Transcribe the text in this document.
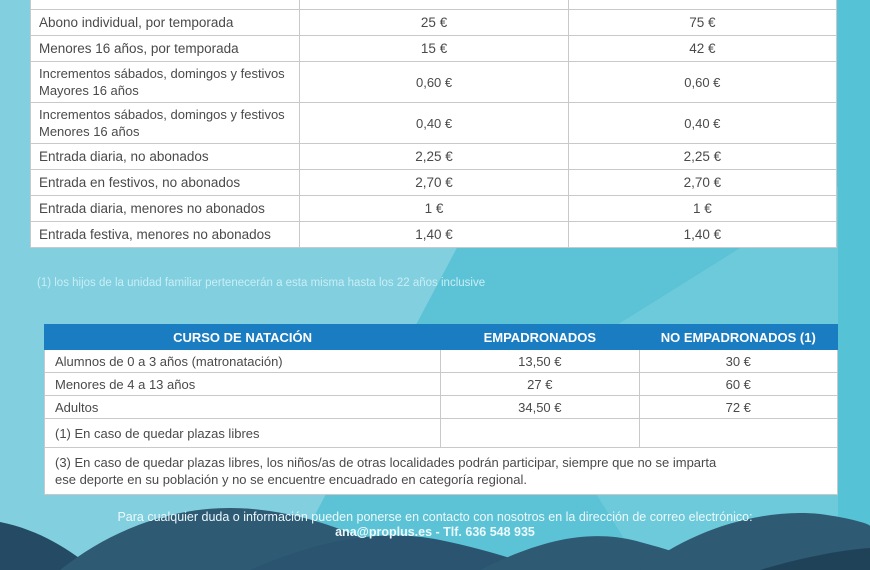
Abono individual, por temporada	25 €	75 €
Menores 16 años, por temporada	15 €	42 €

Incrementos sábados, domingos y festivos
Mayores 16 años	0,60 €	0,60 €

Incrementos sábados, domingos y festivos
Menores 16 años	0,40 €	0,40 €
Entrada diaria, no abonados	2,25 €	2,25 €
Entrada en festivos, no abonados	2,70 €	2,70 €
Entrada diaria, menores no abonados	1 €	1 €
Entrada festiva, menores no abonados	1,40 €	1,40 €
(1) los hijos de la unidad familiar pertenecerán a esta misma hasta los 22 años inclusive
CURSO DE NATACIÓN	EMPADRONADOS	NO EMPADRONADOS (1)
Alumnos de 0 a 3 años (matronatación)	13,50 €	30 €
Menores de 4 a 13 años	27 €	60 €
Adultos	34,50 €	72 €
(1) En caso de quedar plazas libres		

(3) En caso de quedar plazas libres, los niños/as de otras localidades podrán participar, siempre que no se imparta
ese deporte en su población y no se encuentre encuadrado en categoría regional.		
Para cualquier duda o información pueden ponerse en contacto con nosotros en la dirección de correo electrónico:
ana@proplus.es - Tlf. 636 548 935
